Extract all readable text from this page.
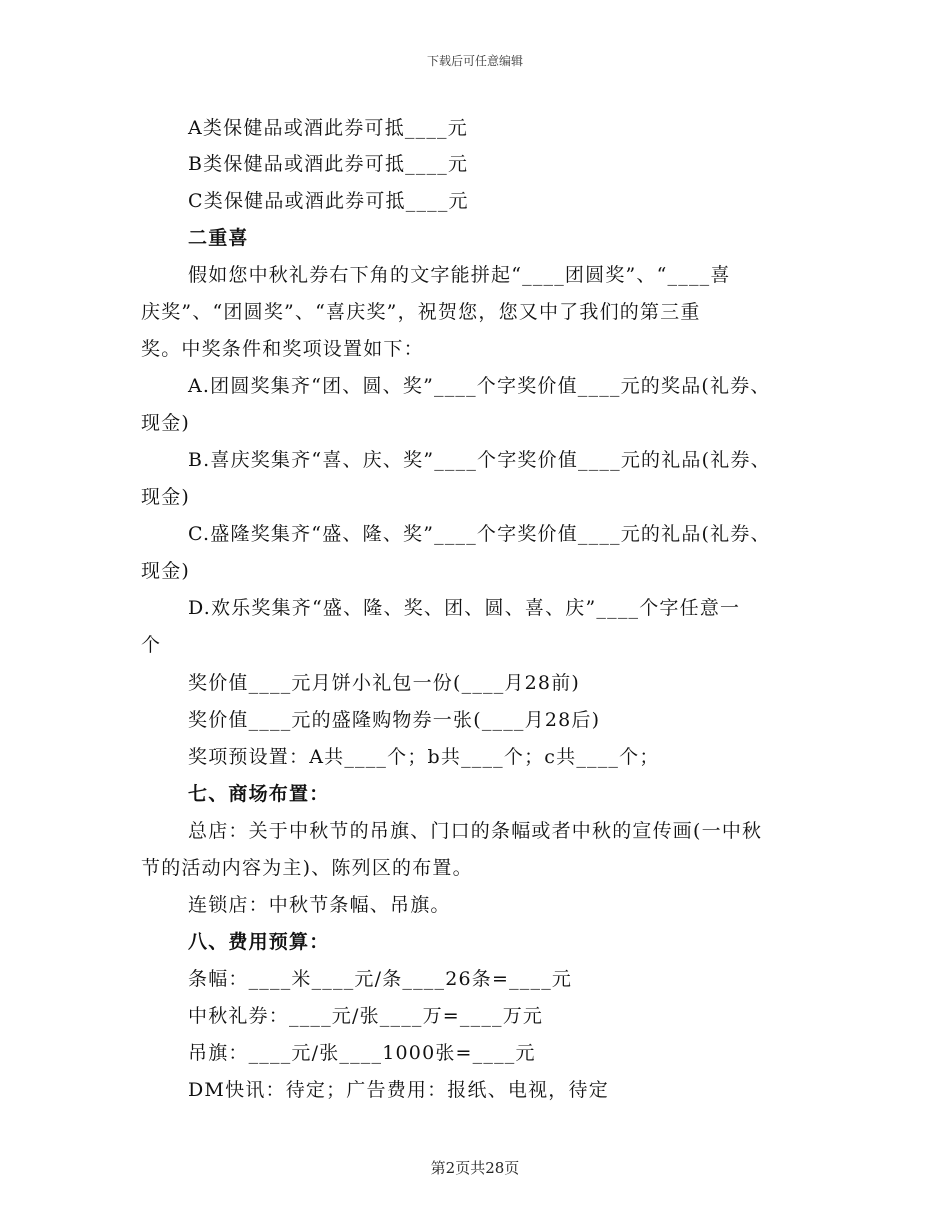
下载后可任意编辑
A类保健品或酒此券可抵____元
B类保健品或酒此券可抵____元
C类保健品或酒此券可抵____元
二重喜
假如您中秋礼券右下角的文字能拼起“____团圆奖”、“____喜
庆奖”、“团圆奖”、“喜庆奖”，祝贺您，您又中了我们的第三重
奖。中奖条件和奖项设置如下：
A.团圆奖集齐“团、圆、奖”____个字奖价值____元的奖品(礼券、
现金)
B.喜庆奖集齐“喜、庆、奖”____个字奖价值____元的礼品(礼券、
现金)
C.盛隆奖集齐“盛、隆、奖”____个字奖价值____元的礼品(礼券、
现金)
D.欢乐奖集齐“盛、隆、奖、团、圆、喜、庆”____个字任意一
个
奖价值____元月饼小礼包一份(____月28前)
奖价值____元的盛隆购物券一张(____月28后)
奖项预设置：A共____个；b共____个；c共____个；
七、商场布置：
总店：关于中秋节的吊旗、门口的条幅或者中秋的宣传画(一中秋
节的活动内容为主)、陈列区的布置。
连锁店：中秋节条幅、吊旗。
八、费用预算：
条幅：____米____元/条____26条=____元
中秋礼券：____元/张____万=____万元
吊旗：____元/张____1000张=____元
DM快讯：待定；广告费用：报纸、电视，待定
第2页共28页
